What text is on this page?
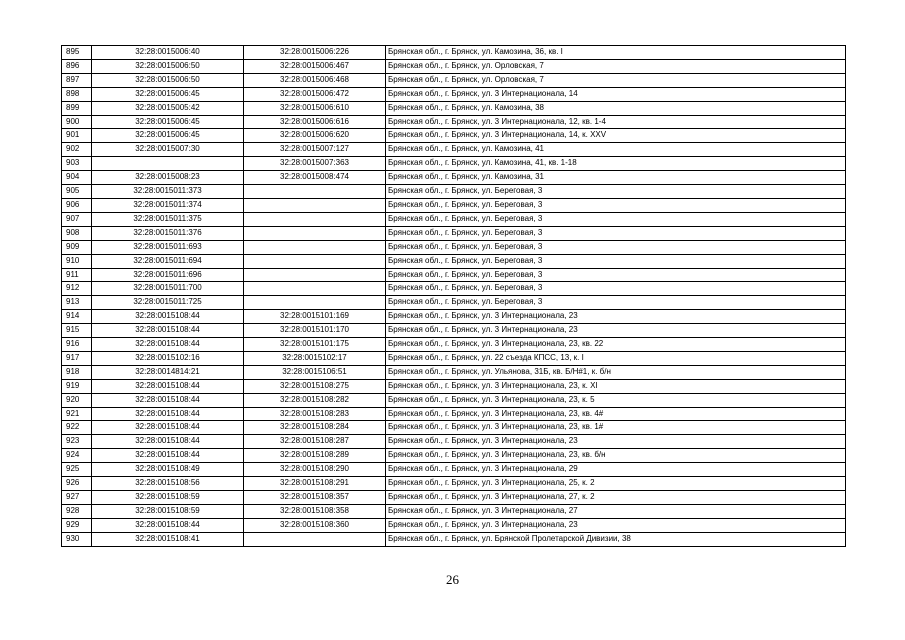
895	32:28:0015006:40	32:28:0015006:226	Брянская обл., г. Брянск, ул. Камозина, 36, кв. I
896	32:28:0015006:50	32:28:0015006:467	Брянская обл., г. Брянск, ул. Орловская, 7
897	32:28:0015006:50	32:28:0015006:468	Брянская обл., г. Брянск, ул. Орловская, 7
898	32:28:0015006:45	32:28:0015006:472	Брянская обл., г. Брянск, ул. 3 Интернационала, 14
899	32:28:0015005:42	32:28:0015006:610	Брянская обл., г. Брянск, ул. Камозина, 38
900	32:28:0015006:45	32:28:0015006:616	Брянская обл., г. Брянск, ул. 3 Интернационала, 12, кв. 1-4
901	32:28:0015006:45	32:28:0015006:620	Брянская обл., г. Брянск, ул. 3 Интернационала, 14, к. XXV
902	32:28:0015007:30	32:28:0015007:127	Брянская обл., г. Брянск, ул. Камозина, 41
903		32:28:0015007:363	Брянская обл., г. Брянск, ул. Камозина, 41, кв. 1-18
904	32:28:0015008:23	32:28:0015008:474	Брянская обл., г. Брянск, ул. Камозина, 31
905	32:28:0015011:373		Брянская обл., г. Брянск, ул. Береговая, 3
906	32:28:0015011:374		Брянская обл., г. Брянск, ул. Береговая, 3
907	32:28:0015011:375		Брянская обл., г. Брянск, ул. Береговая, 3
908	32:28:0015011:376		Брянская обл., г. Брянск, ул. Береговая, 3
909	32:28:0015011:693		Брянская обл., г. Брянск, ул. Береговая, 3
910	32:28:0015011:694		Брянская обл., г. Брянск, ул. Береговая, 3
911	32:28:0015011:696		Брянская обл., г. Брянск, ул. Береговая, 3
912	32:28:0015011:700		Брянская обл., г. Брянск, ул. Береговая, 3
913	32:28:0015011:725		Брянская обл., г. Брянск, ул. Береговая, 3
914	32:28:0015108:44	32:28:0015101:169	Брянская обл., г. Брянск, ул. 3 Интернационала, 23
915	32:28:0015108:44	32:28:0015101:170	Брянская обл., г. Брянск, ул. 3 Интернационала, 23
916	32:28:0015108:44	32:28:0015101:175	Брянская обл., г. Брянск, ул. 3 Интернационала, 23, кв. 22
917	32:28:0015102:16	32:28:0015102:17	Брянская обл., г. Брянск, ул. 22 съезда КПСС, 13, к. I
918	32:28:0014814:21	32:28:0015106:51	Брянская обл., г. Брянск, ул. Ульянова, 31Б, кв. Б/Н#1, к. б/н
919	32:28:0015108:44	32:28:0015108:275	Брянская обл., г. Брянск, ул. 3 Интернационала, 23, к. XI
920	32:28:0015108:44	32:28:0015108:282	Брянская обл., г. Брянск, ул. 3 Интернационала, 23, к. 5
921	32:28:0015108:44	32:28:0015108:283	Брянская обл., г. Брянск, ул. 3 Интернационала, 23, кв. 4#
922	32:28:0015108:44	32:28:0015108:284	Брянская обл., г. Брянск, ул. 3 Интернационала, 23, кв. 1#
923	32:28:0015108:44	32:28:0015108:287	Брянская обл., г. Брянск, ул. 3 Интернационала, 23
924	32:28:0015108:44	32:28:0015108:289	Брянская обл., г. Брянск, ул. 3 Интернационала, 23, кв. б/н
925	32:28:0015108:49	32:28:0015108:290	Брянская обл., г. Брянск, ул. 3 Интернационала, 29
926	32:28:0015108:56	32:28:0015108:291	Брянская обл., г. Брянск, ул. 3 Интернационала, 25, к. 2
927	32:28:0015108:59	32:28:0015108:357	Брянская обл., г. Брянск, ул. 3 Интернационала, 27, к. 2
928	32:28:0015108:59	32:28:0015108:358	Брянская обл., г. Брянск, ул. 3 Интернационала, 27
929	32:28:0015108:44	32:28:0015108:360	Брянская обл., г. Брянск, ул. 3 Интернационала, 23
930	32:28:0015108:41		Брянская обл., г. Брянск, ул. Брянской Пролетарской Дивизии, 38
26
